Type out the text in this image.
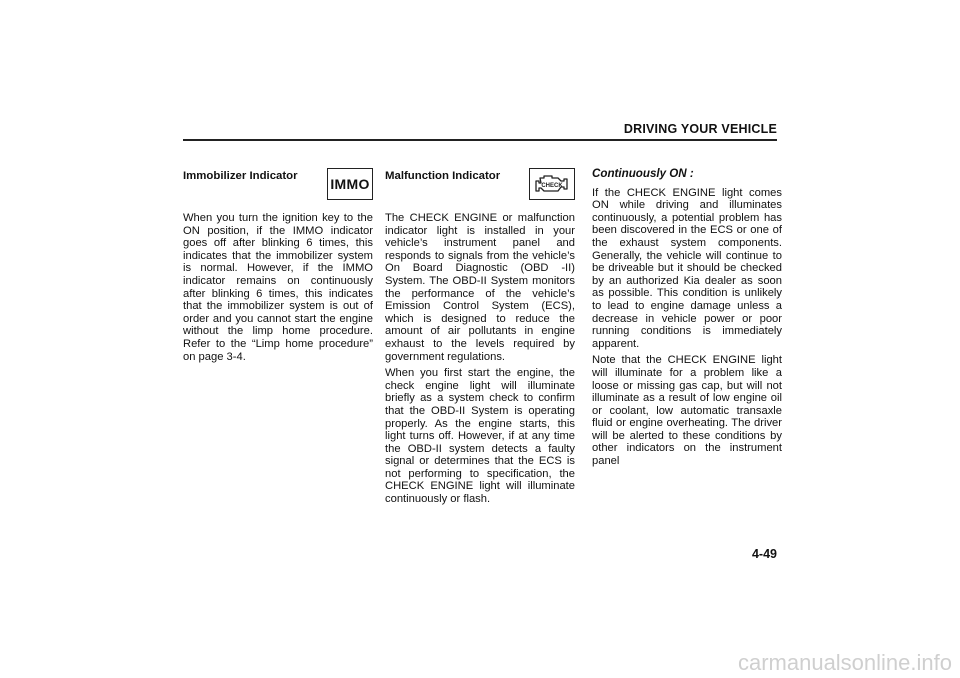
DRIVING YOUR VEHICLE
Immobilizer Indicator IMMO

When you turn the ignition key to the ON position, if the IMMO indicator goes off after blinking 6 times, this indicates that the immobilizer system is normal. However, if the IMMO indicator remains on continuously after blinking 6 times, this indicates that the immobilizer system is out of order and you cannot start the engine without the limp home procedure. Refer to the “Limp home procedure” on page 3-4.

Malfunction Indicator
CHECK

The CHECK ENGINE or malfunction indicator light is installed in your vehicle’s instrument panel and responds to signals from the vehicle’s On Board Diagnostic (OBD -II) System. The OBD-II System monitors the performance of the vehicle’s Emission Control System (ECS), which is designed to reduce the amount of air pollutants in engine exhaust to the levels required by government regulations.

When you first start the engine, the check engine light will illuminate briefly as a system check to confirm that the OBD-II System is operating properly. As the engine starts, this light turns off. However, if at any time the OBD-II system detects a faulty signal or determines that the ECS is not performing to specification, the CHECK ENGINE light will illuminate continuously or flash.

Continuously ON :

If the CHECK ENGINE light comes ON while driving and illuminates continuously, a potential problem has been discovered in the ECS or one of the exhaust system components. Generally, the vehicle will continue to be driveable but it should be checked by an authorized Kia dealer as soon as possible. This condition is unlikely to lead to engine damage unless a decrease in vehicle power or poor running conditions is immediately apparent.

Note that the CHECK ENGINE light will illuminate for a problem like a loose or missing gas cap, but will not illuminate as a result of low engine oil or coolant, low automatic transaxle fluid or engine overheating. The driver will be alerted to these conditions by other indicators on the instrument panel

4-49
carmanualsonline.info
